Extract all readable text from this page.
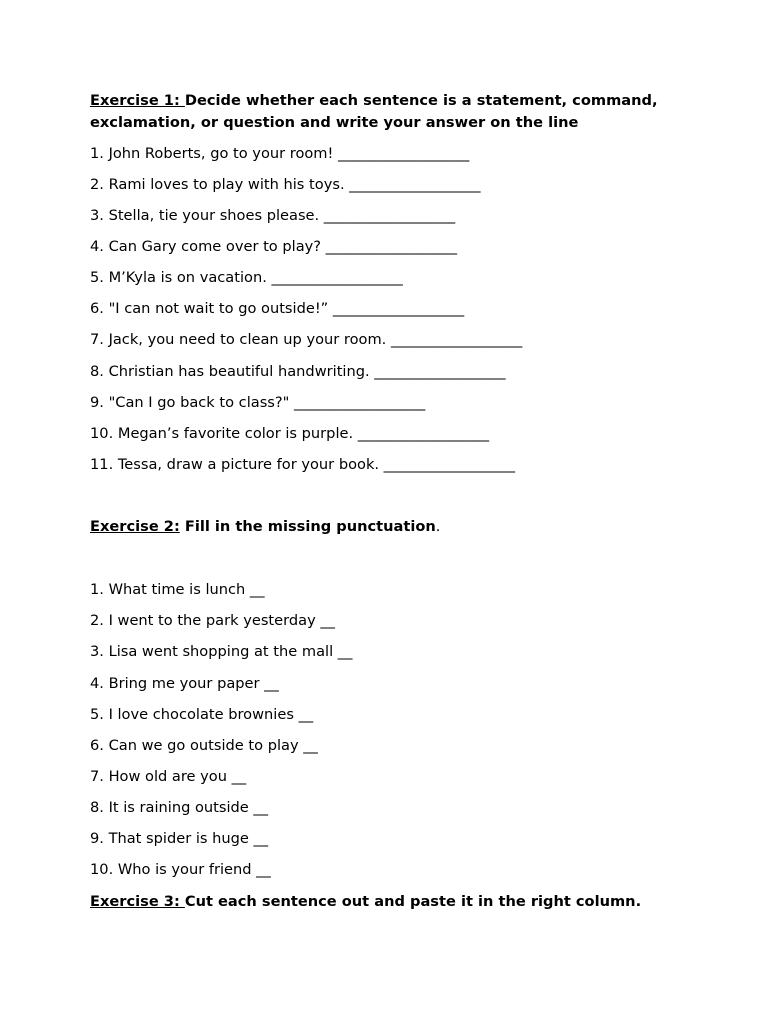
Exercise 1: Decide whether each sentence is a statement, command, exclamation, or question and write your answer on the line
1. John Roberts, go to your room! __________________
2. Rami loves to play with his toys. __________________
3. Stella, tie your shoes please. __________________
4. Can Gary come over to play? __________________
5. M’Kyla is on vacation. __________________
6. "I can not wait to go outside!” __________________
7. Jack, you need to clean up your room. __________________
8. Christian has beautiful handwriting. __________________
9. "Can I go back to class?" __________________
10. Megan’s favorite color is purple. __________________
11. Tessa, draw a picture for your book. __________________
Exercise 2: Fill in the missing punctuation.
1. What time is lunch __
2. I went to the park yesterday __
3. Lisa went shopping at the mall __
4. Bring me your paper __
5. I love chocolate brownies __
6. Can we go outside to play __
7. How old are you __
8. It is raining outside __
9. That spider is huge __
10. Who is your friend __
Exercise 3: Cut each sentence out and paste it in the right column.
